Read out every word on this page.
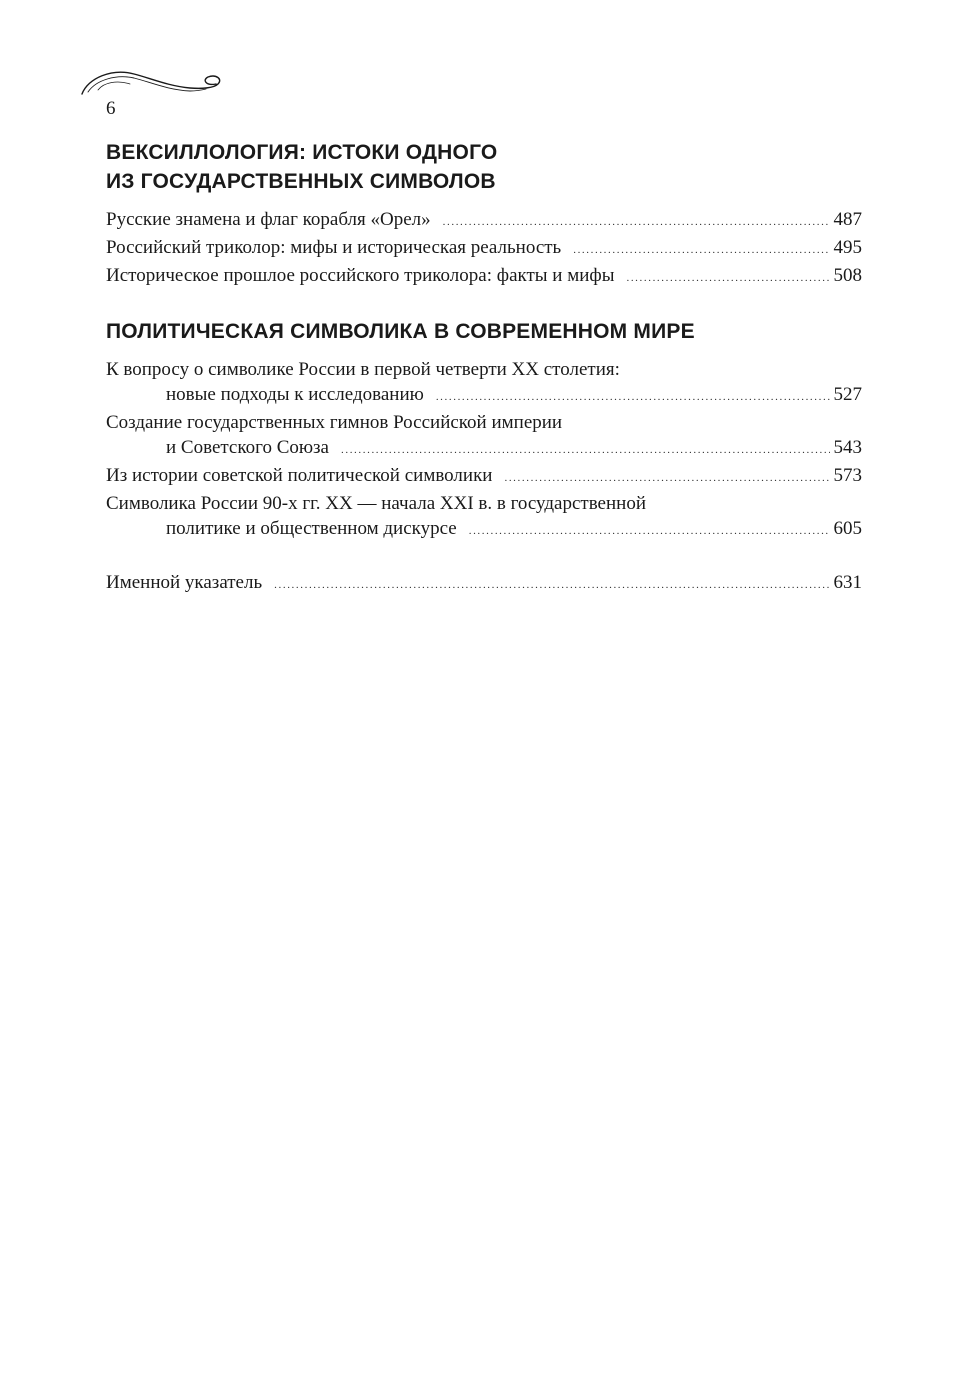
6
ВЕКСИЛЛОЛОГИЯ: ИСТОКИ ОДНОГО
ИЗ ГОСУДАРСТВЕННЫХ СИМВОЛОВ
Русские знамена и флаг корабля «Орел» .....	487
Российский триколор: мифы и историческая реальность .....	495
Историческое прошлое российского триколора: факты и мифы .....	508
ПОЛИТИЧЕСКАЯ СИМВОЛИКА В СОВРЕМЕННОМ МИРЕ
К вопросу о символике России в первой четверти XX столетия:
новые подходы к исследованию .....	527
Создание государственных гимнов Российской империи
и Советского Союза .....	543
Из истории советской политической символики .....	573
Символика России 90-х гг. XX — начала XXI в. в государственной
политике и общественном дискурсе .....	605
Именной указатель .....	631
